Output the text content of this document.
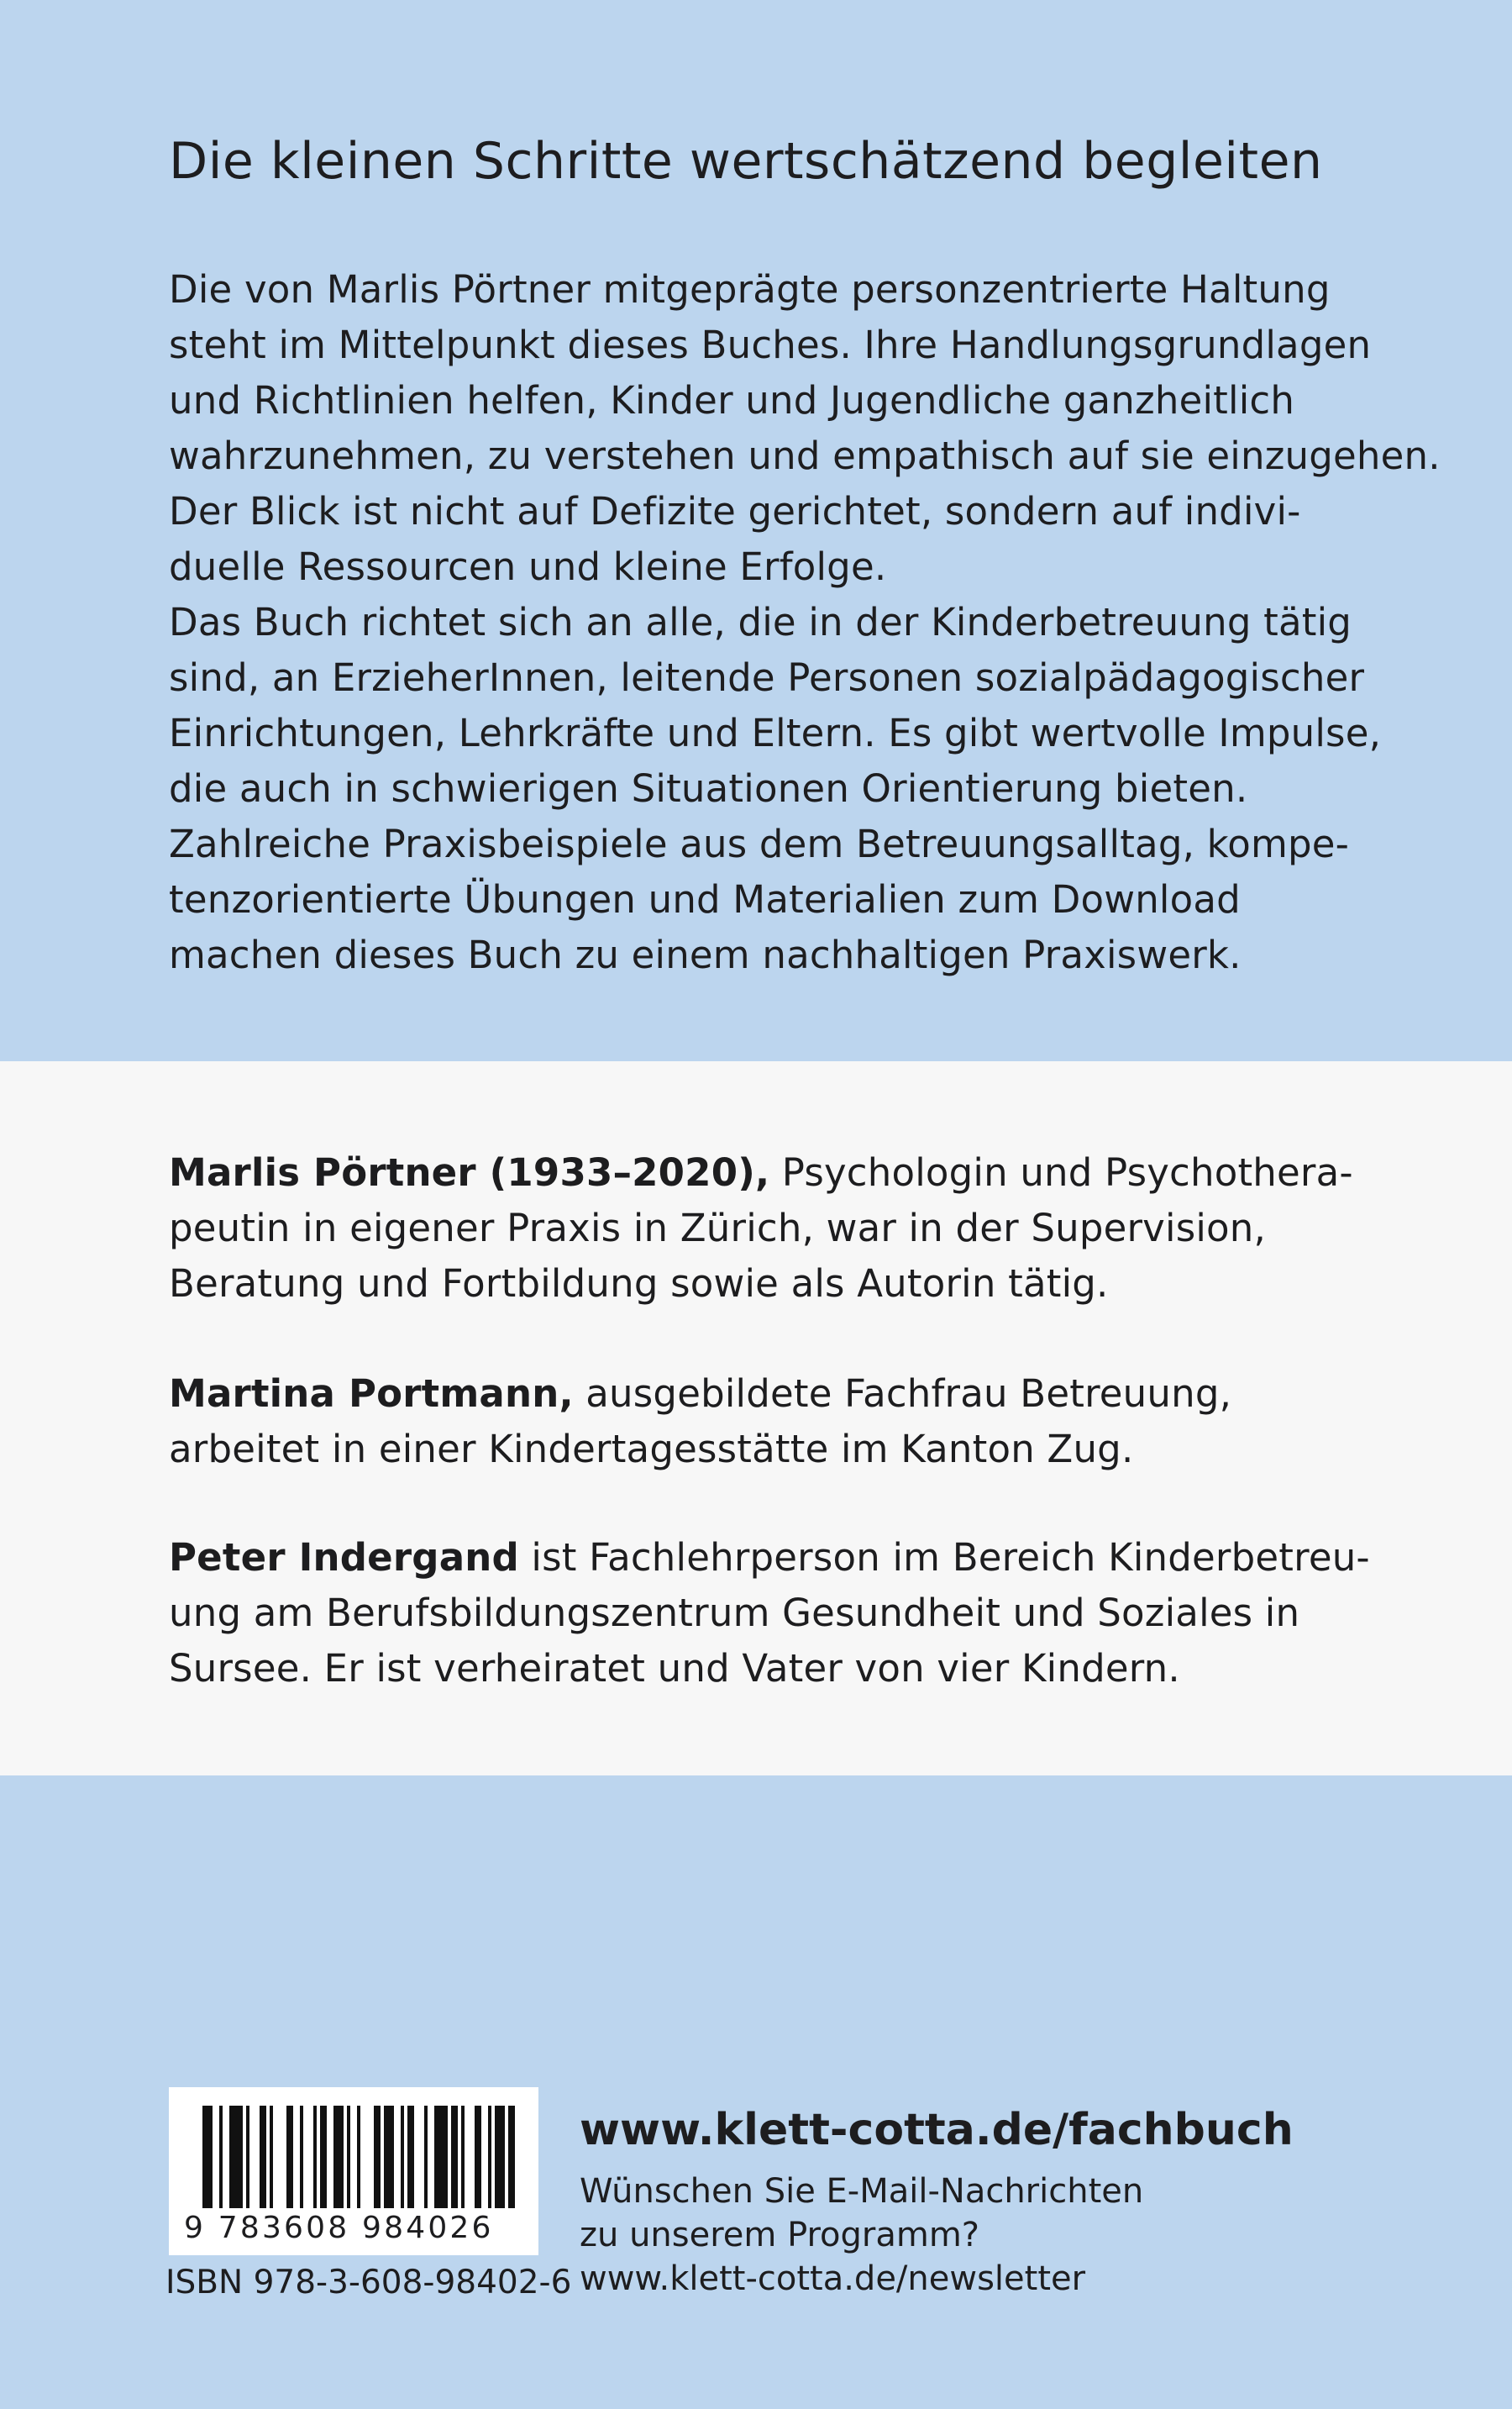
Die kleinen Schritte wertschätzend begleiten
Die von Marlis Pörtner mitgeprägte personzentrierte Haltung
steht im Mittelpunkt dieses Buches. Ihre Handlungsgrundlagen
und Richtlinien helfen, Kinder und Jugendliche ganzheitlich
wahrzunehmen, zu verstehen und empathisch auf sie einzugehen.
Der Blick ist nicht auf Defizite gerichtet, sondern auf indivi-
duelle Ressourcen und kleine Erfolge.
Das Buch richtet sich an alle, die in der Kinderbetreuung tätig
sind, an ErzieherInnen, leitende Personen sozialpädagogischer
Einrichtungen, Lehrkräfte und Eltern. Es gibt wertvolle Impulse,
die auch in schwierigen Situationen Orientierung bieten.
Zahlreiche Praxisbeispiele aus dem Betreuungsalltag, kompe-
tenzorientierte Übungen und Materialien zum Download
machen dieses Buch zu einem nachhaltigen Praxiswerk.
Marlis Pörtner (1933–2020), Psychologin und Psychothera-
peutin in eigener Praxis in Zürich, war in der Supervision,
Beratung und Fortbildung sowie als Autorin tätig.
Martina Portmann, ausgebildete Fachfrau Betreuung,
arbeitet in einer Kindertagesstätte im Kanton Zug.
Peter Indergand ist Fachlehrperson im Bereich Kinderbetreu-
ung am Berufsbildungszentrum Gesundheit und Soziales in
Sursee. Er ist verheiratet und Vater von vier Kindern.
9 783608 984026
ISBN 978-3-608-98402-6
www.klett-cotta.de/fachbuch
Wünschen Sie E-Mail-Nachrichten
zu unserem Programm?
www.klett-cotta.de/newsletter
